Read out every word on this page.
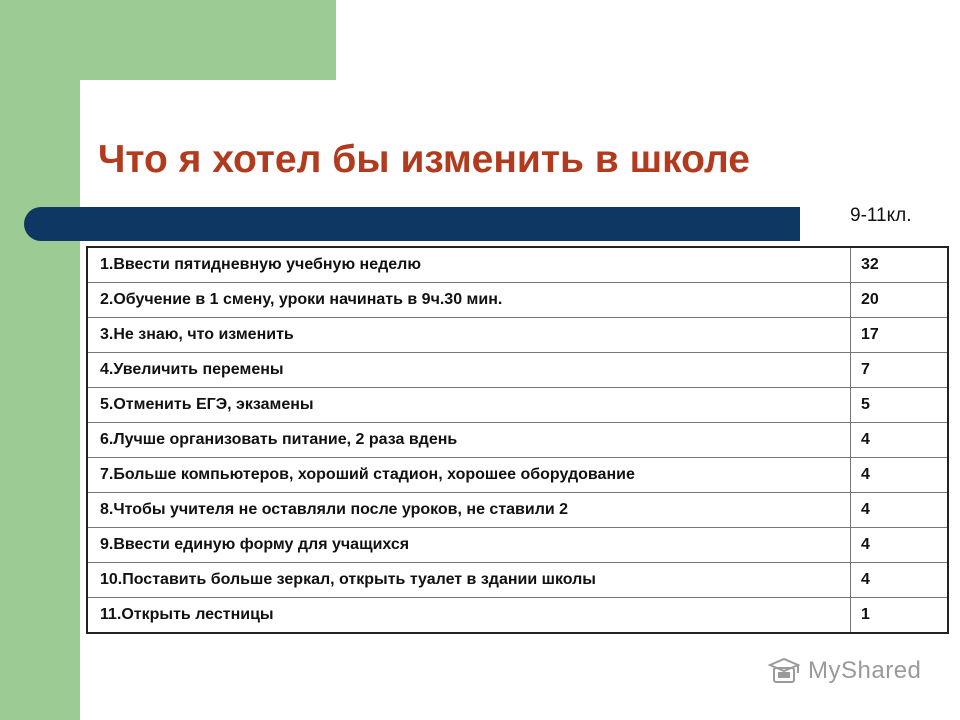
Что я хотел бы изменить в школе
9-11кл.
1.Ввести пятидневную учебную неделю	32
2.Обучение в 1 смену, уроки начинать в 9ч.30 мин.	20
3.Не знаю, что изменить	17
4.Увеличить перемены	7
5.Отменить ЕГЭ, экзамены	5
6.Лучше организовать питание, 2 раза вдень	4
7.Больше компьютеров, хороший стадион, хорошее оборудование	4
8.Чтобы учителя не оставляли после уроков, не ставили 2	4
9.Ввести единую форму для учащихся	4
10.Поставить больше зеркал, открыть туалет в здании школы	4
11.Открыть лестницы	1
MyShared
